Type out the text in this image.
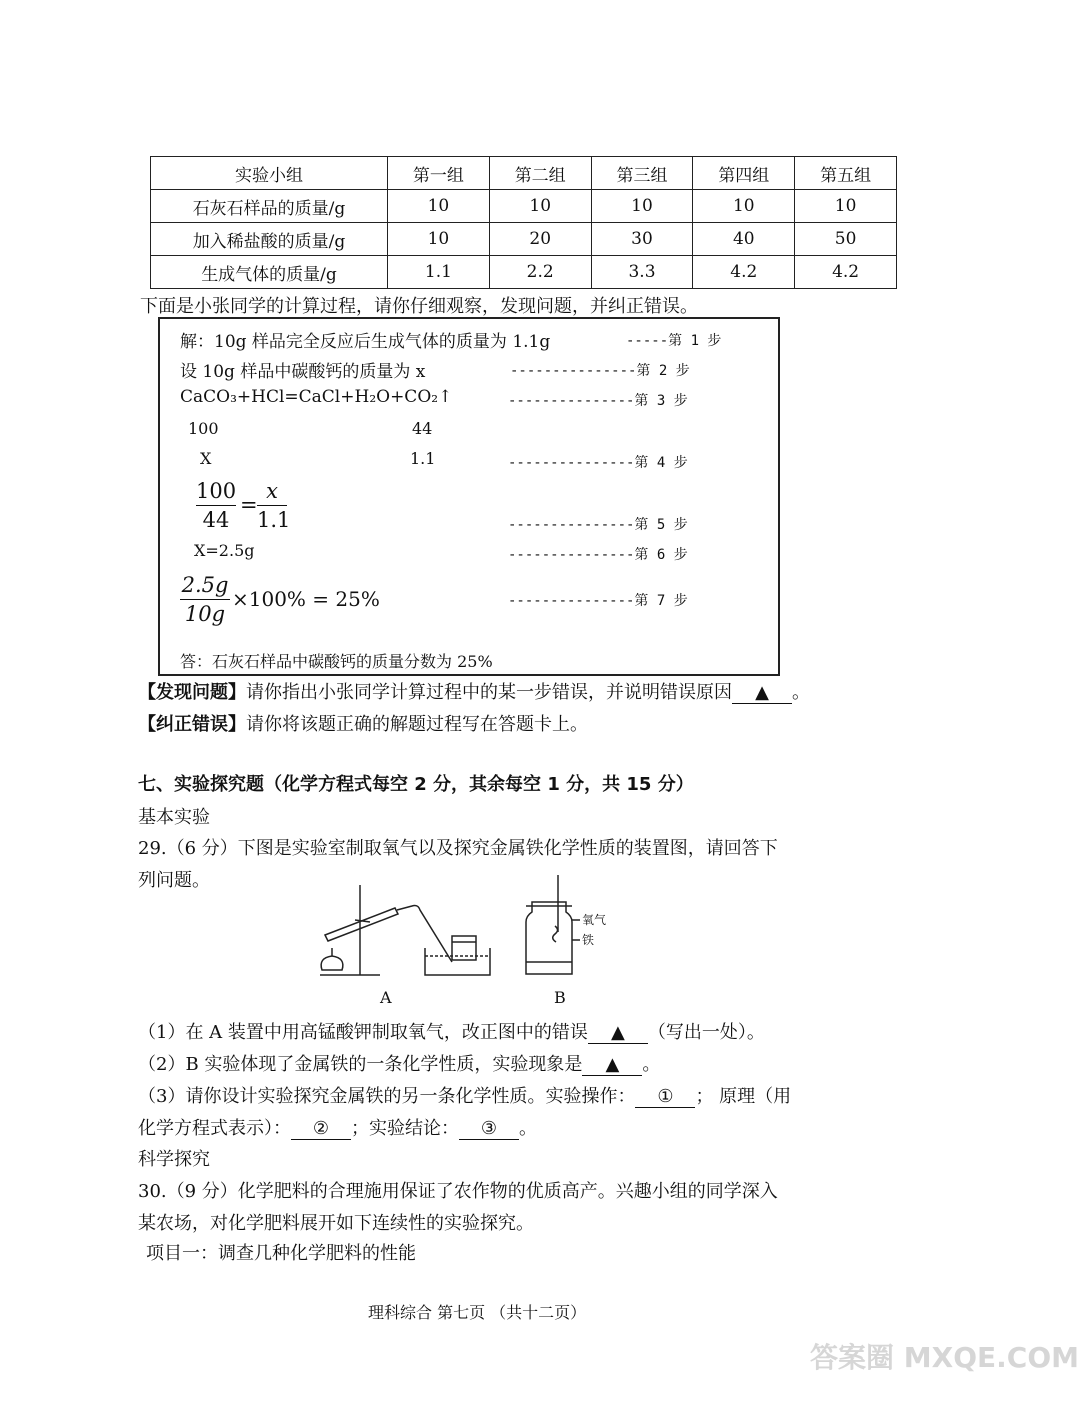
实验小组	第一组	第二组	第三组	第四组	第五组
石灰石样品的质量/g	10	10	10	10	10
加入稀盐酸的质量/g	10	20	30	40	50
生成气体的质量/g	1.1	2.2	3.3	4.2	4.2
下面是小张同学的计算过程，请你仔细观察，发现问题，并纠正错误。
解：10g 样品完全反应后生成气体的质量为 1.1g	-----第 1 步
设 10g 样品中碳酸钙的质量为 x	---------------第 2 步
CaCO₃+HCl=CaCl+H₂O+CO₂↑	---------------第 3 步
100	44
X	1.1	---------------第 4 步
$\frac{100}{44} = \frac{x}{1.1}$	---------------第 5 步
X=2.5g	---------------第 6 步
$\frac{2.5g}{10g} \times 100\% = 25\%$	---------------第 7 步
答：石灰石样品中碳酸钙的质量分数为 25%
【发现问题】请你指出小张同学计算过程中的某一步错误，并说明错误原因 ▲ 。
【纠正错误】请你将该题正确的解题过程写在答题卡上。
七、实验探究题（化学方程式每空 2 分，其余每空 1 分，共 15 分）
基本实验
29.（6 分）下图是实验室制取氧气以及探究金属铁化学性质的装置图，请回答下
列问题。
氧气
铁
A	B
（1）在 A 装置中用高锰酸钾制取氧气，改正图中的错误 ▲ （写出一处）。
（2）B 实验体现了金属铁的一条化学性质，实验现象是 ▲ 。
（3）请你设计实验探究金属铁的另一条化学性质。实验操作： ① ； 原理（用
化学方程式表示）： ② ；实验结论： ③ 。
科学探究
30.（9 分）化学肥料的合理施用保证了农作物的优质高产。兴趣小组的同学深入
某农场，对化学肥料展开如下连续性的实验探究。
项目一：调查几种化学肥料的性能
理科综合 第七页 （共十二页）
答案圈 MXQE.COM
